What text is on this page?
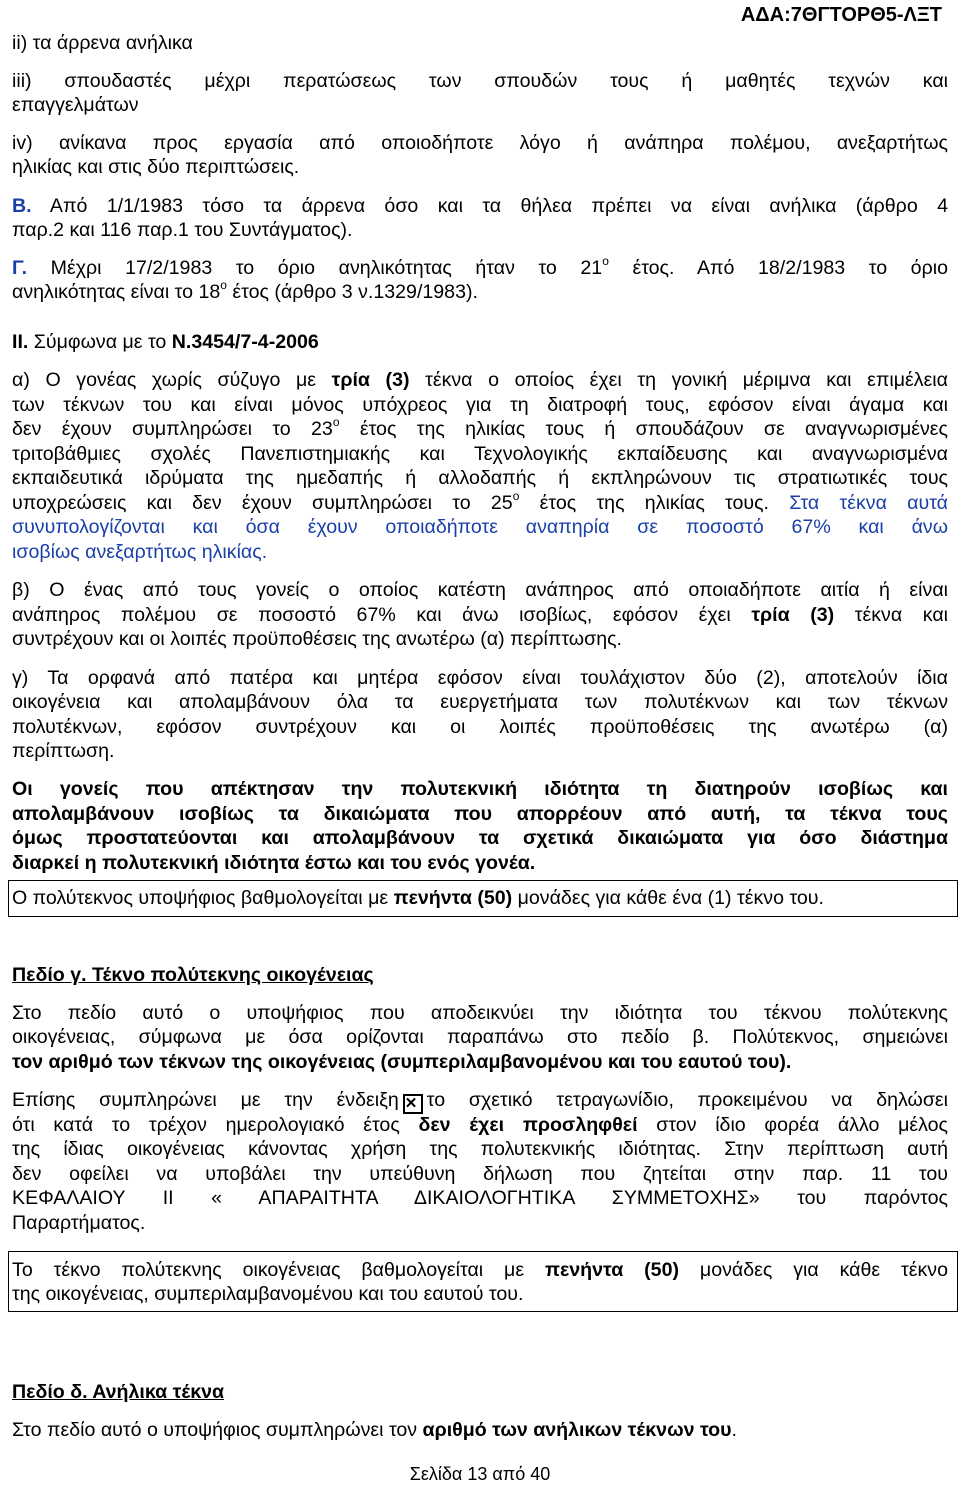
ΑΔΑ:7ΘΓΤΟΡΘ5-ΛΞΤ
ii) τα άρρενα ανήλικα
iii) σπουδαστές μέχρι περατώσεως των σπουδών τους ή μαθητές τεχνών και
επαγγελμάτων
iv) ανίκανα προς εργασία από οποιοδήποτε λόγο ή ανάπηρα πολέμου, ανεξαρτήτως
ηλικίας και στις δύο περιπτώσεις.
Β. Από 1/1/1983 τόσο τα άρρενα όσο και τα θήλεα πρέπει να είναι ανήλικα (άρθρο 4
παρ.2 και 116 παρ.1 του Συντάγματος).
Γ. Μέχρι 17/2/1983 το όριο ανηλικότητας ήταν το $21^o$ έτος. Από 18/2/1983 το όριο
ανηλικότητας είναι το $18^o$ έτος (άρθρο 3 ν.1329/1983).
ΙΙ. Σύμφωνα με το Ν.3454/7-4-2006
α) Ο γονέας χωρίς σύζυγο με τρία (3) τέκνα ο οποίος έχει τη γονική μέριμνα και επιμέλεια
των τέκνων του και είναι μόνος υπόχρεος για τη διατροφή τους, εφόσον είναι άγαμα και
δεν έχουν συμπληρώσει το $23^o$ έτος της ηλικίας τους ή σπουδάζουν σε αναγνωρισμένες
τριτοβάθμιες σχολές Πανεπιστημιακής και Τεχνολογικής εκπαίδευσης και αναγνωρισμένα
εκπαιδευτικά ιδρύματα της ημεδαπής ή αλλοδαπής ή εκπληρώνουν τις στρατιωτικές τους
υποχρεώσεις και δεν έχουν συμπληρώσει το $25^o$ έτος της ηλικίας τους. Στα τέκνα αυτά
συνυπολογίζονται και όσα έχουν οποιαδήποτε αναπηρία σε ποσοστό 67% και άνω
ισοβίως ανεξαρτήτως ηλικίας.
β) Ο ένας από τους γονείς ο οποίος κατέστη ανάπηρος από οποιαδήποτε αιτία ή είναι
ανάπηρος πολέμου σε ποσοστό 67% και άνω ισοβίως, εφόσον έχει τρία (3) τέκνα και
συντρέχουν και οι λοιπές προϋποθέσεις της ανωτέρω (α) περίπτωσης.
γ) Τα ορφανά από πατέρα και μητέρα εφόσον είναι τουλάχιστον δύο (2), αποτελούν ίδια
οικογένεια και απολαμβάνουν όλα τα ευεργετήματα των πολυτέκνων και των τέκνων
πολυτέκνων, εφόσον συντρέχουν και οι λοιπές προϋποθέσεις της ανωτέρω (α)
περίπτωση.
Οι γονείς που απέκτησαν την πολυτεκνική ιδιότητα τη διατηρούν ισοβίως και
απολαμβάνουν ισοβίως τα δικαιώματα που απορρέουν από αυτή, τα τέκνα τους
όμως προστατεύονται και απολαμβάνουν τα σχετικά δικαιώματα για όσο διάστημα
διαρκεί η πολυτεκνική ιδιότητα έστω και του ενός γονέα.
Ο πολύτεκνος υποψήφιος βαθμολογείται με πενήντα (50) μονάδες για κάθε ένα (1) τέκνο του.
Πεδίο γ. Τέκνο πολύτεκνης οικογένειας
Στο πεδίο αυτό ο υποψήφιος που αποδεικνύει την ιδιότητα του τέκνου πολύτεκνης
οικογένειας, σύμφωνα με όσα ορίζονται παραπάνω στο πεδίο β. Πολύτεκνος, σημειώνει
τον αριθμό των τέκνων της οικογένειας (συμπεριλαμβανομένου και του εαυτού του).
Επίσης συμπληρώνει με την ένδειξη ✕ το σχετικό τετραγωνίδιο, προκειμένου να δηλώσει
ότι κατά το τρέχον ημερολογιακό έτος δεν έχει προσληφθεί στον ίδιο φορέα άλλο μέλος
της ίδιας οικογένειας κάνοντας χρήση της πολυτεκνικής ιδιότητας. Στην περίπτωση αυτή
δεν οφείλει να υποβάλει την υπεύθυνη δήλωση που ζητείται στην παρ. 11 του
ΚΕΦΑΛΑΙΟΥ ΙΙ « ΑΠΑΡΑΙΤΗΤΑ ΔΙΚΑΙΟΛΟΓΗΤΙΚΑ ΣΥΜΜΕΤΟΧΗΣ» του παρόντος
Παραρτήματος.
Το τέκνο πολύτεκνης οικογένειας βαθμολογείται με πενήντα (50) μονάδες για κάθε τέκνο
της οικογένειας, συμπεριλαμβανομένου και του εαυτού του.
Πεδίο δ. Ανήλικα τέκνα
Στο πεδίο αυτό ο υποψήφιος συμπληρώνει τον αριθμό των ανήλικων τέκνων του.
Σελίδα 13 από 40
